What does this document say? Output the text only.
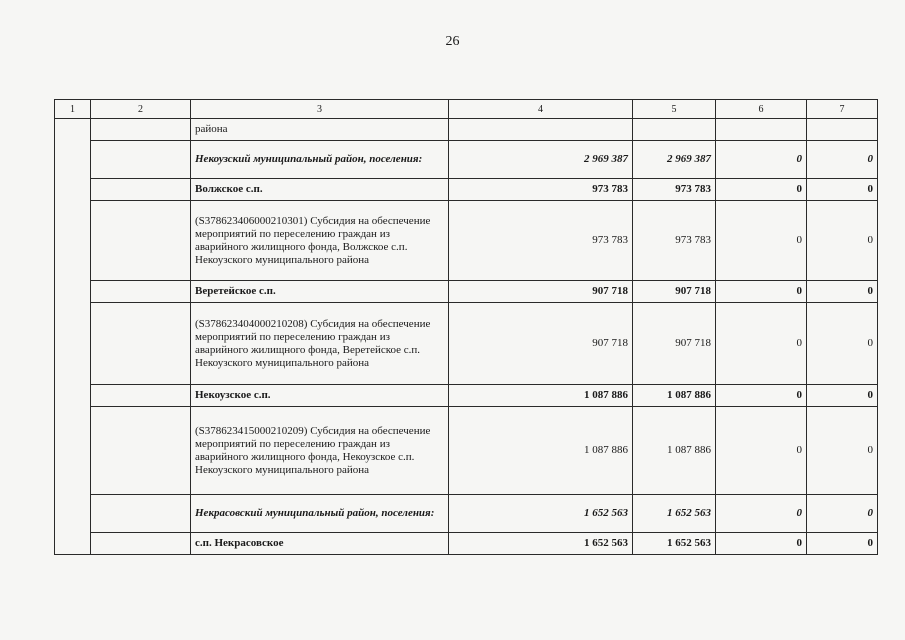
26
1	2	3	4	5	6	7
		района				
		Некоузский муниципальный район, поселения:	2 969 387	2 969 387	0	0
		Волжское с.п.	973 783	973 783	0	0
		(S378623406000210301) Субсидия на обеспечение мероприятий по переселению граждан из аварийного жилищного фонда, Волжское с.п. Некоузского муниципального района	973 783	973 783	0	0
		Веретейское с.п.	907 718	907 718	0	0
		(S378623404000210208) Субсидия на обеспечение мероприятий по переселению граждан из аварийного жилищного фонда, Веретейское с.п. Некоузского муниципального района	907 718	907 718	0	0
		Некоузское с.п.	1 087 886	1 087 886	0	0
		(S378623415000210209) Субсидия на обеспечение мероприятий по переселению граждан из аварийного жилищного фонда, Некоузское с.п. Некоузского муниципального района	1 087 886	1 087 886	0	0
		Некрасовский муниципальный район, поселения:	1 652 563	1 652 563	0	0
		с.п. Некрасовское	1 652 563	1 652 563	0	0
